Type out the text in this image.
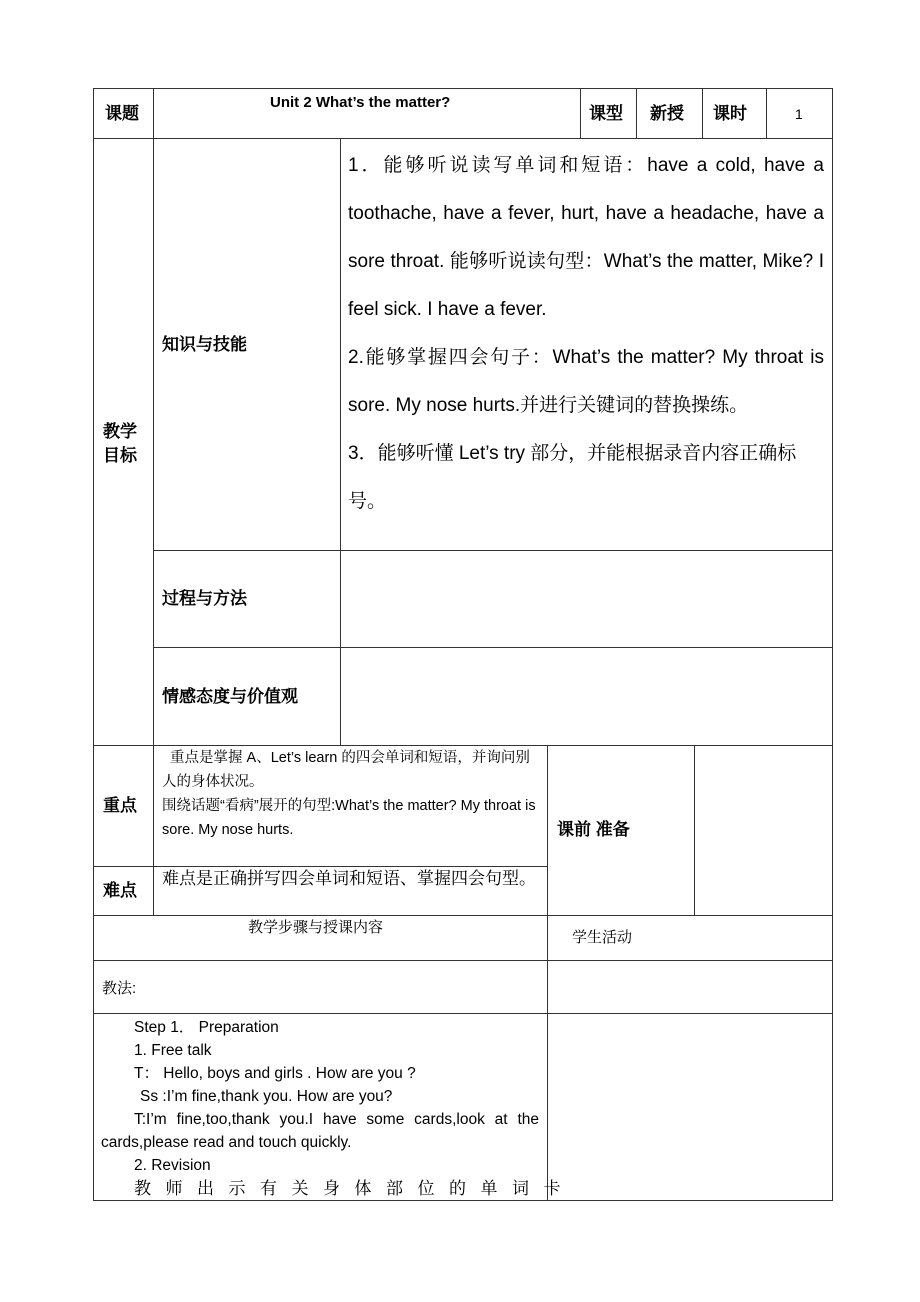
课题
Unit 2 What’s the matter?
课型 新授 课时	1
教学
目标
知识与技能
1．能够听说读写单词和短语：have a cold, have a toothache, have a fever, hurt, have a headache, have a sore throat. 能够听说读句型：What’s the matter, Mike? I feel sick. I have a fever.
2.能够掌握四会句子：What’s the matter? My throat is sore. My nose hurts.并进行关键词的替换操练。
3．能够听懂 Let’s try 部分，并能根据录音内容正确标号。
过程与方法
情感态度与价值观
重点
重点是掌握 A、Let’s learn 的四会单词和短语，并询问别人的身体状况。
围绕话题“看病”展开的句型:What’s the matter? My throat is sore. My nose hurts.
难点
难点是正确拼写四会单词和短语、掌握四会句型。
课前 准备
教学步骤与授课内容
学生活动
教法:
Step 1． Preparation
1. Free talk
T： Hello, boys and girls . How are you ?
Ss :I’m fine,thank you. How are you?
T:I’m fine,too,thank you.I have some cards,look at the cards,please read and touch quickly.
2. Revision
教师出示有关身体部位的单词卡
